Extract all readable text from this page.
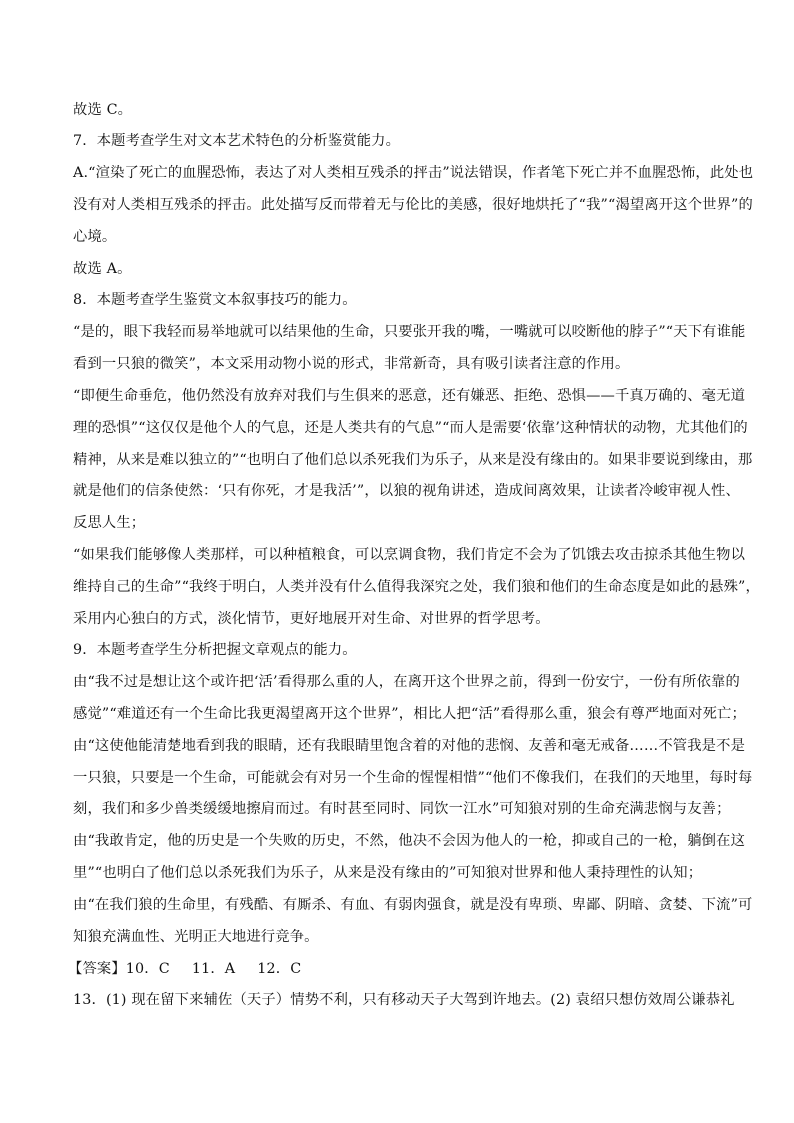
故选 C。
7．本题考查学生对文本艺术特色的分析鉴赏能力。
A.“渲染了死亡的血腥恐怖，表达了对人类相互残杀的抨击”说法错误，作者笔下死亡并不血腥恐怖，此处也
没有对人类相互残杀的抨击。此处描写反而带着无与伦比的美感，很好地烘托了“我”“渴望离开这个世界”的
心境。
故选 A。
8．本题考查学生鉴赏文本叙事技巧的能力。
“是的，眼下我轻而易举地就可以结果他的生命，只要张开我的嘴，一嘴就可以咬断他的脖子”“天下有谁能
看到一只狼的微笑”，本文采用动物小说的形式，非常新奇，具有吸引读者注意的作用。
“即便生命垂危，他仍然没有放弃对我们与生俱来的恶意，还有嫌恶、拒绝、恐惧——千真万确的、毫无道
理的恐惧”“这仅仅是他个人的气息，还是人类共有的气息”“而人是需要‘依靠’这种情状的动物，尤其他们的
精神，从来是难以独立的”“也明白了他们总以杀死我们为乐子，从来是没有缘由的。如果非要说到缘由，那
就是他们的信条使然：‘只有你死，才是我活’”，以狼的视角讲述，造成间离效果，让读者冷峻审视人性、
反思人生；
“如果我们能够像人类那样，可以种植粮食，可以烹调食物，我们肯定不会为了饥饿去攻击掠杀其他生物以
维持自己的生命”“我终于明白，人类并没有什么值得我深究之处，我们狼和他们的生命态度是如此的悬殊”，
采用内心独白的方式，淡化情节，更好地展开对生命、对世界的哲学思考。
9．本题考查学生分析把握文章观点的能力。
由“我不过是想让这个或许把‘活’看得那么重的人，在离开这个世界之前，得到一份安宁，一份有所依靠的
感觉”“难道还有一个生命比我更渴望离开这个世界”，相比人把“活”看得那么重，狼会有尊严地面对死亡；
由“这使他能清楚地看到我的眼睛，还有我眼睛里饱含着的对他的悲悯、友善和毫无戒备……不管我是不是
一只狼，只要是一个生命，可能就会有对另一个生命的惺惺相惜”“他们不像我们，在我们的天地里，每时每
刻，我们和多少兽类缓缓地擦肩而过。有时甚至同时、同饮一江水”可知狼对别的生命充满悲悯与友善；
由“我敢肯定，他的历史是一个失败的历史，不然，他决不会因为他人的一枪，抑或自己的一枪，躺倒在这
里”“也明白了他们总以杀死我们为乐子，从来是没有缘由的”可知狼对世界和他人秉持理性的认知；
由“在我们狼的生命里，有残酷、有厮杀、有血、有弱肉强食，就是没有卑琐、卑鄙、阴暗、贪婪、下流”可
知狼充满血性、光明正大地进行竞争。
【答案】10．C 11．A 12．C
13．(1) 现在留下来辅佐（天子）情势不利，只有移动天子大驾到许地去。(2) 袁绍只想仿效周公谦恭礼
